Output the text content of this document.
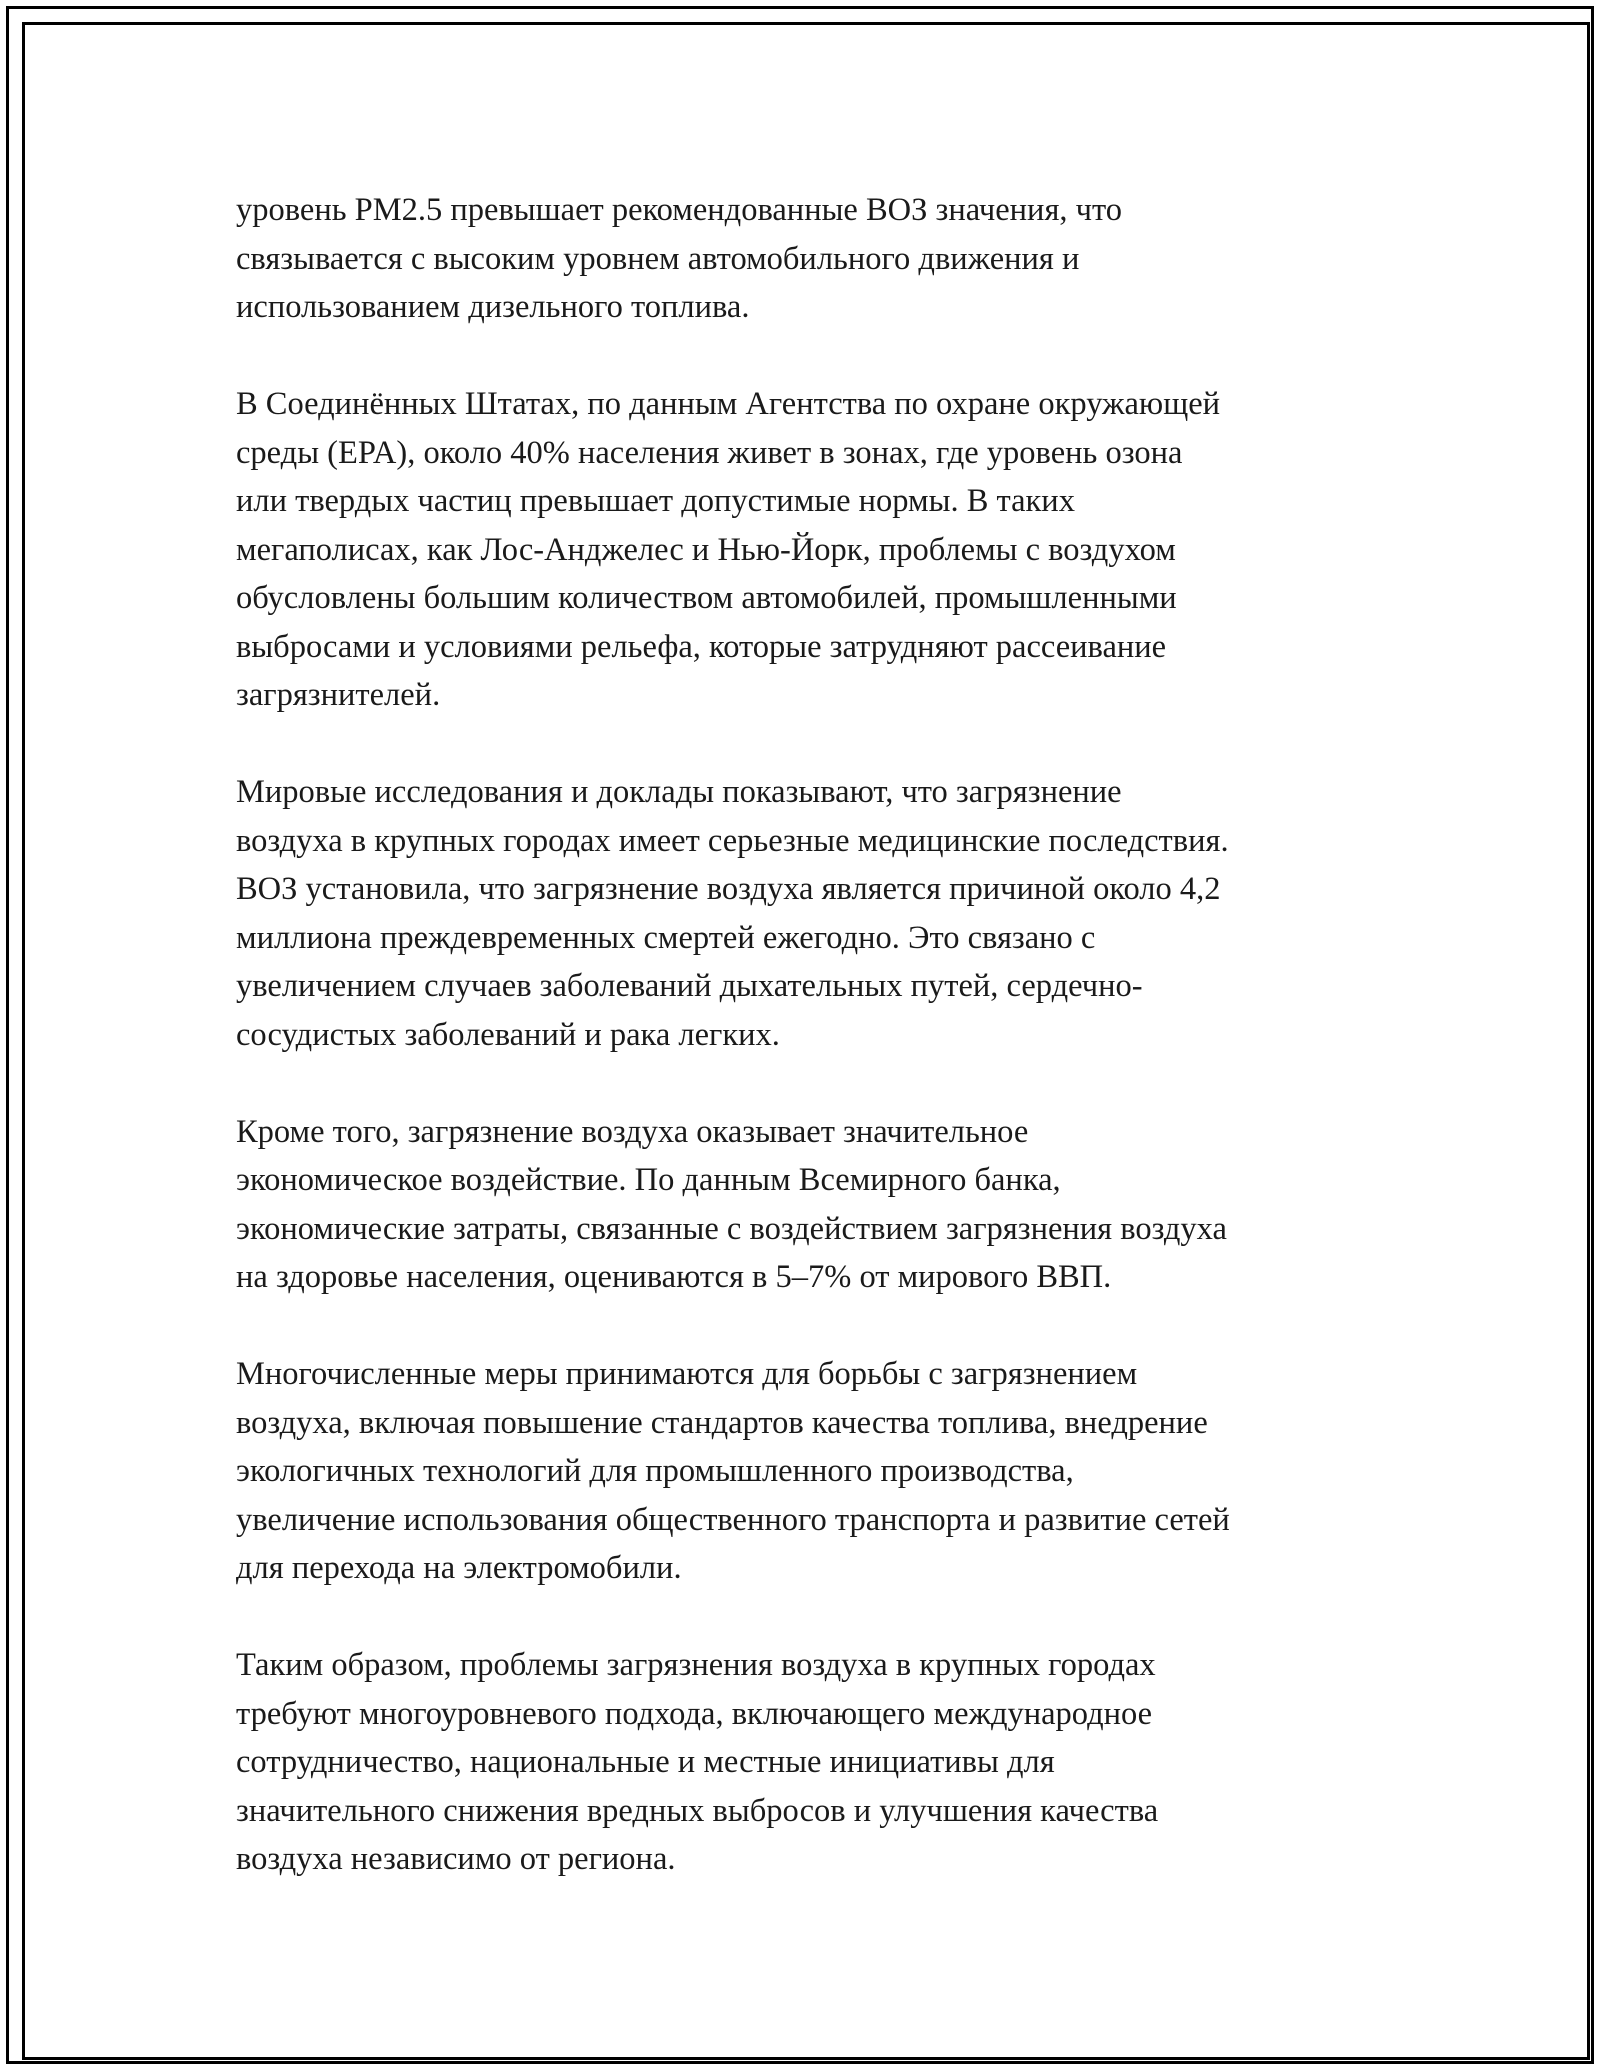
уровень PM2.5 превышает рекомендованные ВОЗ значения, что
связывается с высоким уровнем автомобильного движения и
использованием дизельного топлива.

В Соединённых Штатах, по данным Агентства по охране окружающей
среды (EPA), около 40% населения живет в зонах, где уровень озона
или твердых частиц превышает допустимые нормы. В таких
мегаполисах, как Лос-Анджелес и Нью-Йорк, проблемы с воздухом
обусловлены большим количеством автомобилей, промышленными
выбросами и условиями рельефа, которые затрудняют рассеивание
загрязнителей.

Мировые исследования и доклады показывают, что загрязнение
воздуха в крупных городах имеет серьезные медицинские последствия.
ВОЗ установила, что загрязнение воздуха является причиной около 4,2
миллиона преждевременных смертей ежегодно. Это связано с
увеличением случаев заболеваний дыхательных путей, сердечно-
сосудистых заболеваний и рака легких.

Кроме того, загрязнение воздуха оказывает значительное
экономическое воздействие. По данным Всемирного банка,
экономические затраты, связанные с воздействием загрязнения воздуха
на здоровье населения, оцениваются в 5–7% от мирового ВВП.

Многочисленные меры принимаются для борьбы с загрязнением
воздуха, включая повышение стандартов качества топлива, внедрение
экологичных технологий для промышленного производства,
увеличение использования общественного транспорта и развитие сетей
для перехода на электромобили.

Таким образом, проблемы загрязнения воздуха в крупных городах
требуют многоуровневого подхода, включающего международное
сотрудничество, национальные и местные инициативы для
значительного снижения вредных выбросов и улучшения качества
воздуха независимо от региона.
